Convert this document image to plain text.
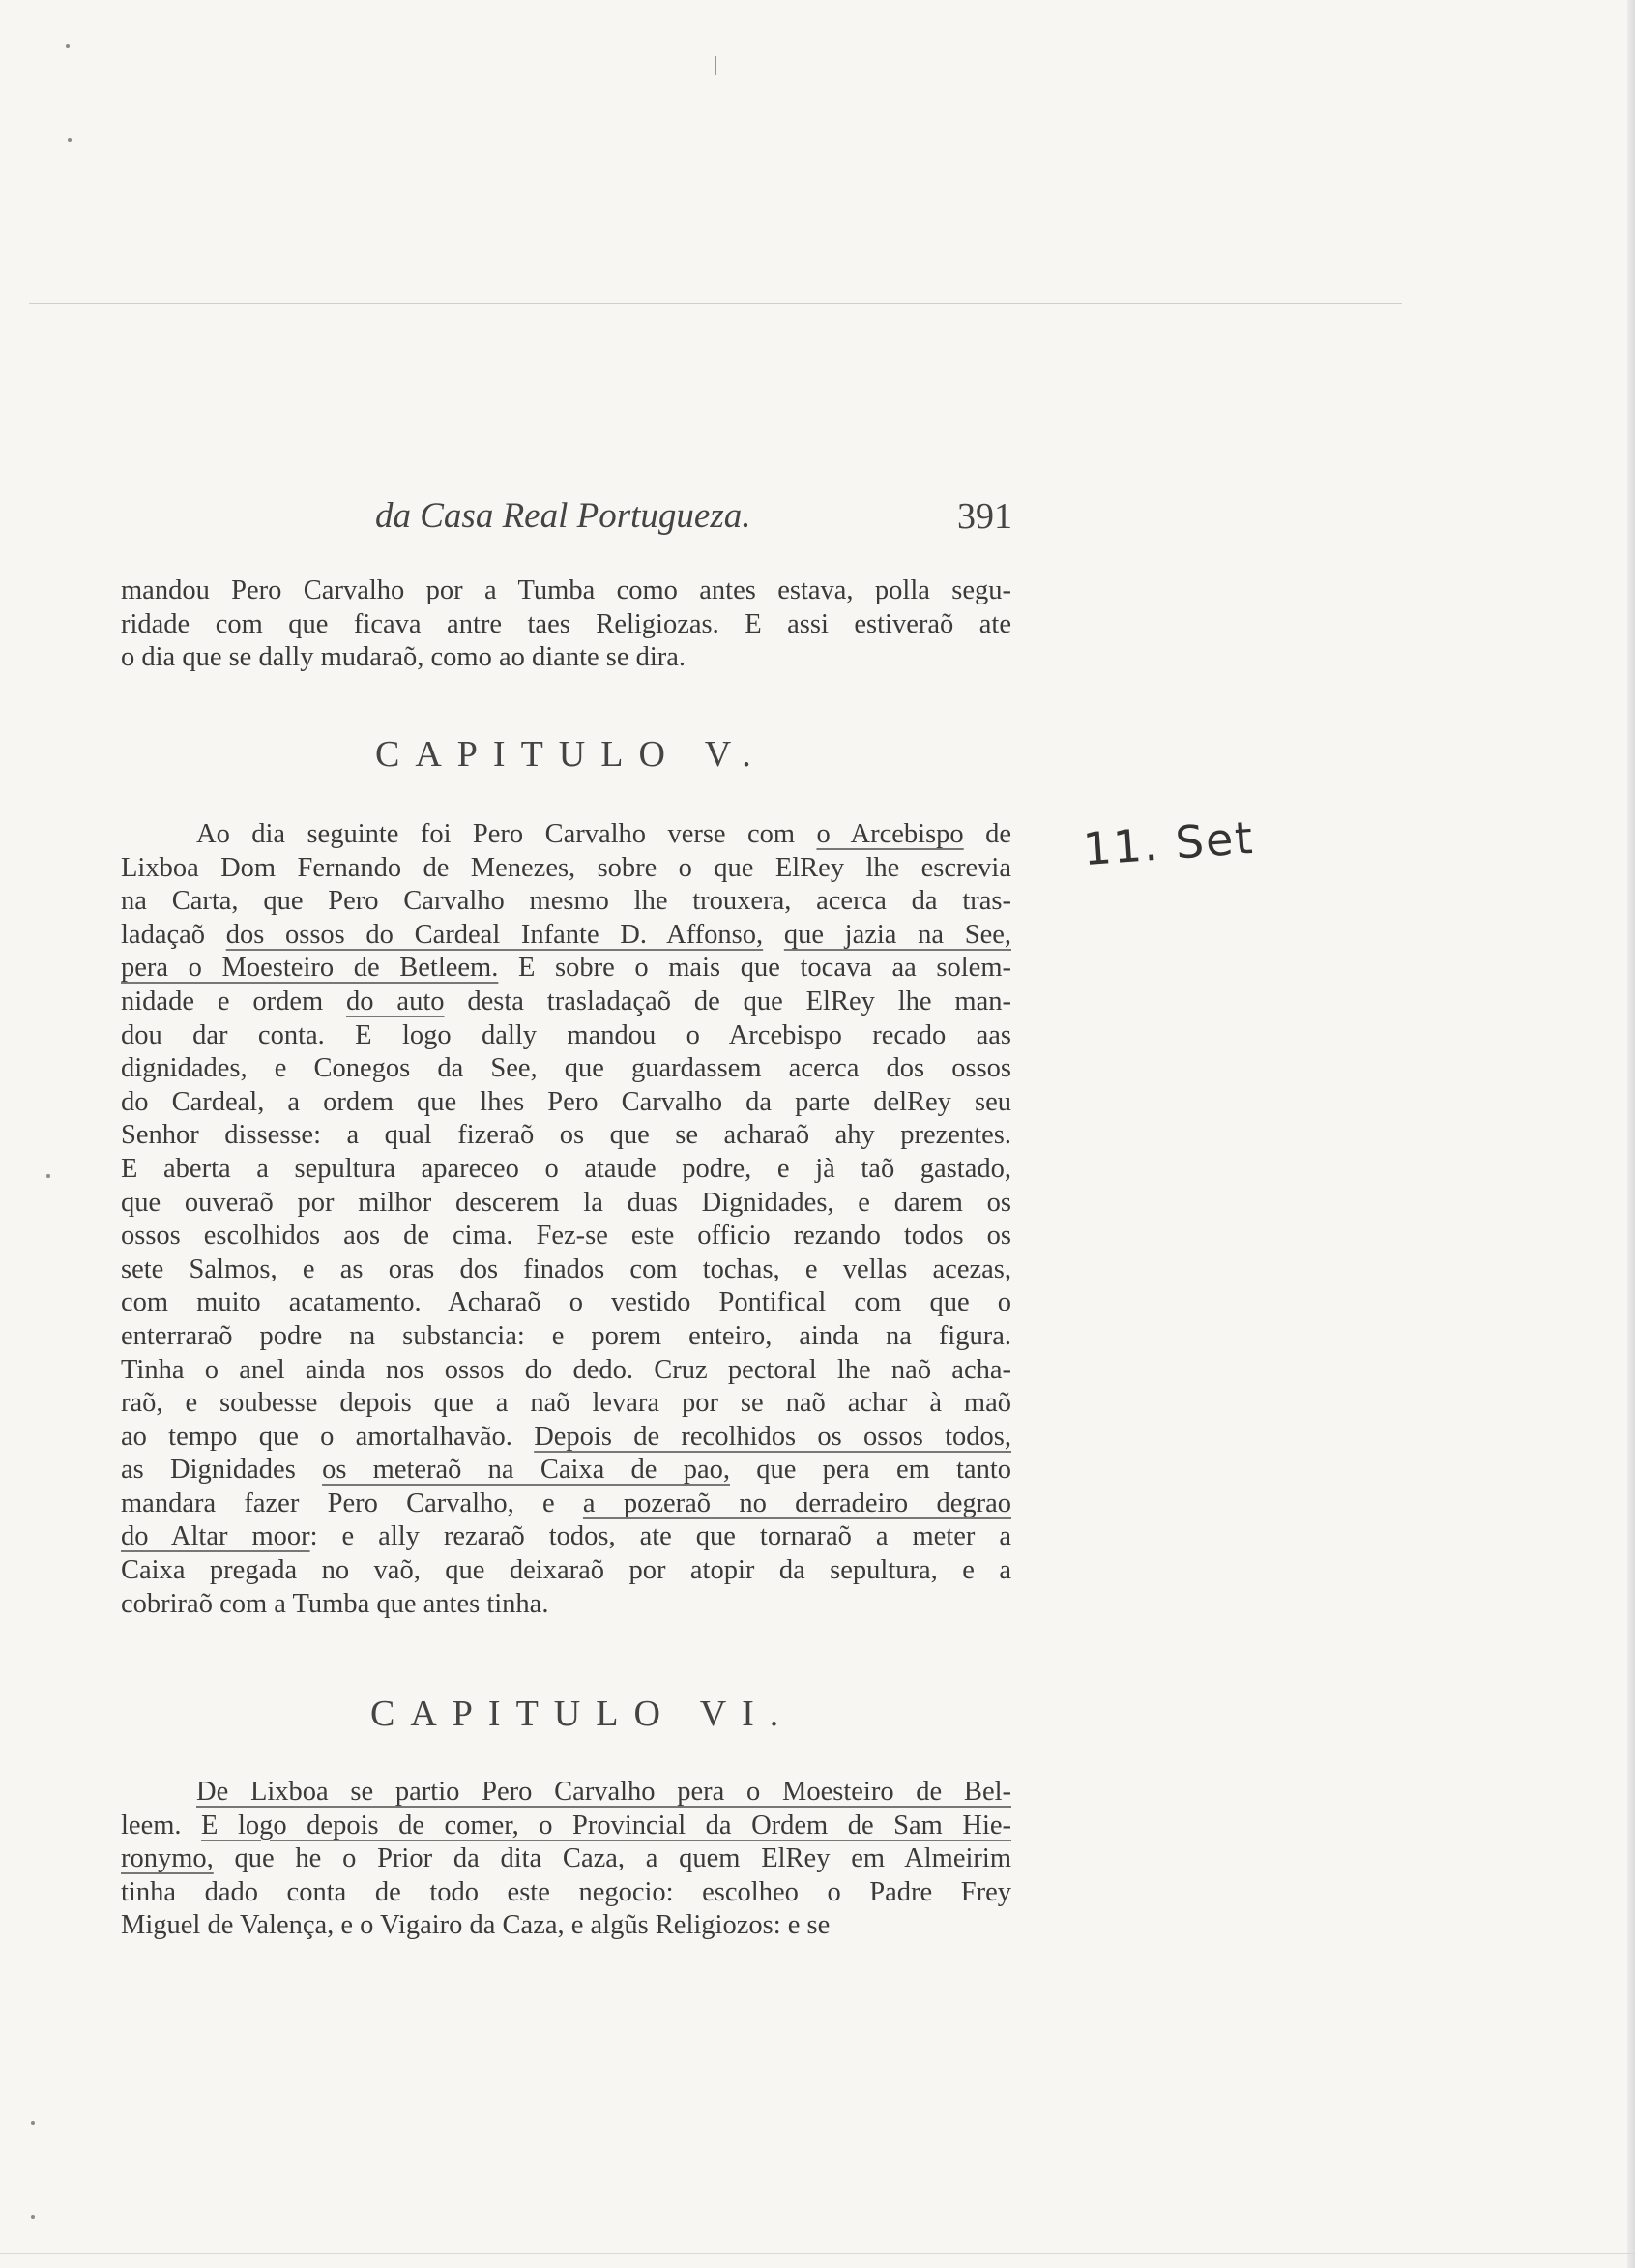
da Casa Real Portugueza.	391
mandou Pero Carvalho por a Tumba como antes estava, polla segu-
ridade com que ficava antre taes Religiozas. E assi estiveraõ ate
o dia que se dally mudaraõ, como ao diante se dira.
CAPITULO V.
Ao dia seguinte foi Pero Carvalho verse com o Arcebispo de
Lixboa Dom Fernando de Menezes, sobre o que ElRey lhe escrevia
na Carta, que Pero Carvalho mesmo lhe trouxera, acerca da tras-
ladaçaõ dos ossos do Cardeal Infante D. Affonso, que jazia na See,
pera o Moesteiro de Betleem. E sobre o mais que tocava aa solem-
nidade e ordem do auto desta trasladaçaõ de que ElRey lhe man-
dou dar conta. E logo dally mandou o Arcebispo recado aas
dignidades, e Conegos da See, que guardassem acerca dos ossos
do Cardeal, a ordem que lhes Pero Carvalho da parte delRey seu
Senhor dissesse: a qual fizeraõ os que se acharaõ ahy prezentes.
E aberta a sepultura apareceo o ataude podre, e jà taõ gastado,
que ouveraõ por milhor descerem la duas Dignidades, e darem os
ossos escolhidos aos de cima. Fez-se este officio rezando todos os
sete Salmos, e as oras dos finados com tochas, e vellas acezas,
com muito acatamento. Acharaõ o vestido Pontifical com que o
enterraraõ podre na substancia: e porem enteiro, ainda na figura.
Tinha o anel ainda nos ossos do dedo. Cruz pectoral lhe naõ acha-
raõ, e soubesse depois que a naõ levara por se naõ achar à maõ
ao tempo que o amortalhavão. Depois de recolhidos os ossos todos,
as Dignidades os meteraõ na Caixa de pao, que pera em tanto
mandara fazer Pero Carvalho, e a pozeraõ no derradeiro degrao
do Altar moor: e ally rezaraõ todos, ate que tornaraõ a meter a
Caixa pregada no vaõ, que deixaraõ por atopir da sepultura, e a
cobriraõ com a Tumba que antes tinha.
CAPITULO VI.
De Lixboa se partio Pero Carvalho pera o Moesteiro de Bel-
leem. E logo depois de comer, o Provincial da Ordem de Sam Hie-
ronymo, que he o Prior da dita Caza, a quem ElRey em Almeirim
tinha dado conta de todo este negocio: escolheo o Padre Frey
Miguel de Valença, e o Vigairo da Caza, e algũs Religiozos: e se
11. Set
